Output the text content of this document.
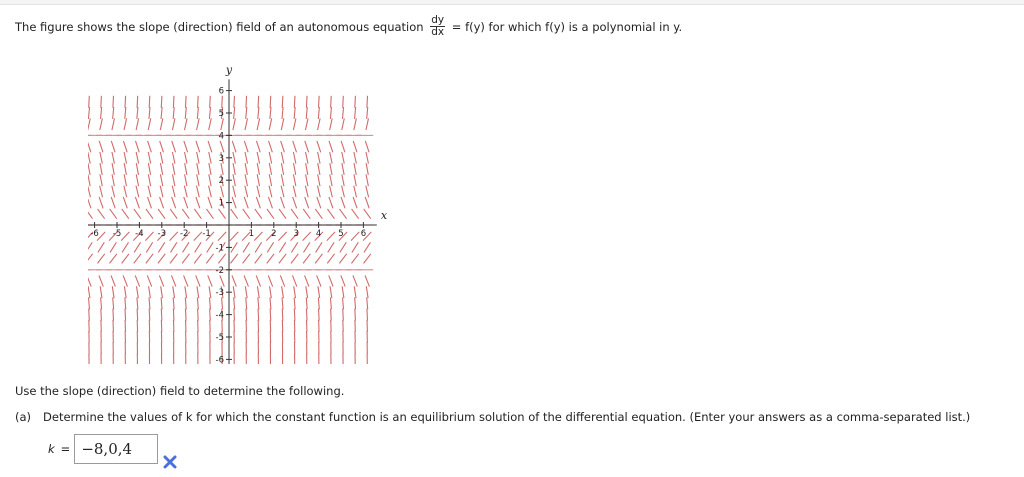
The figure shows the slope (direction) field of an autonomous equation $\frac{dy}{dx} = f(y)$ for which f(y) is a polynomial in y.
-6 -5 -4 -3 -2 -1	1 2 3 4 5 6
-6
-5
-4
-3
-2
-1
1
2
3
4
5
6
x
y
Use the slope (direction) field to determine the following.
(a) Determine the values of k for which the constant function is an equilibrium solution of the differential equation. (Enter your answers as a comma-separated list.)
k = −8,0,4
